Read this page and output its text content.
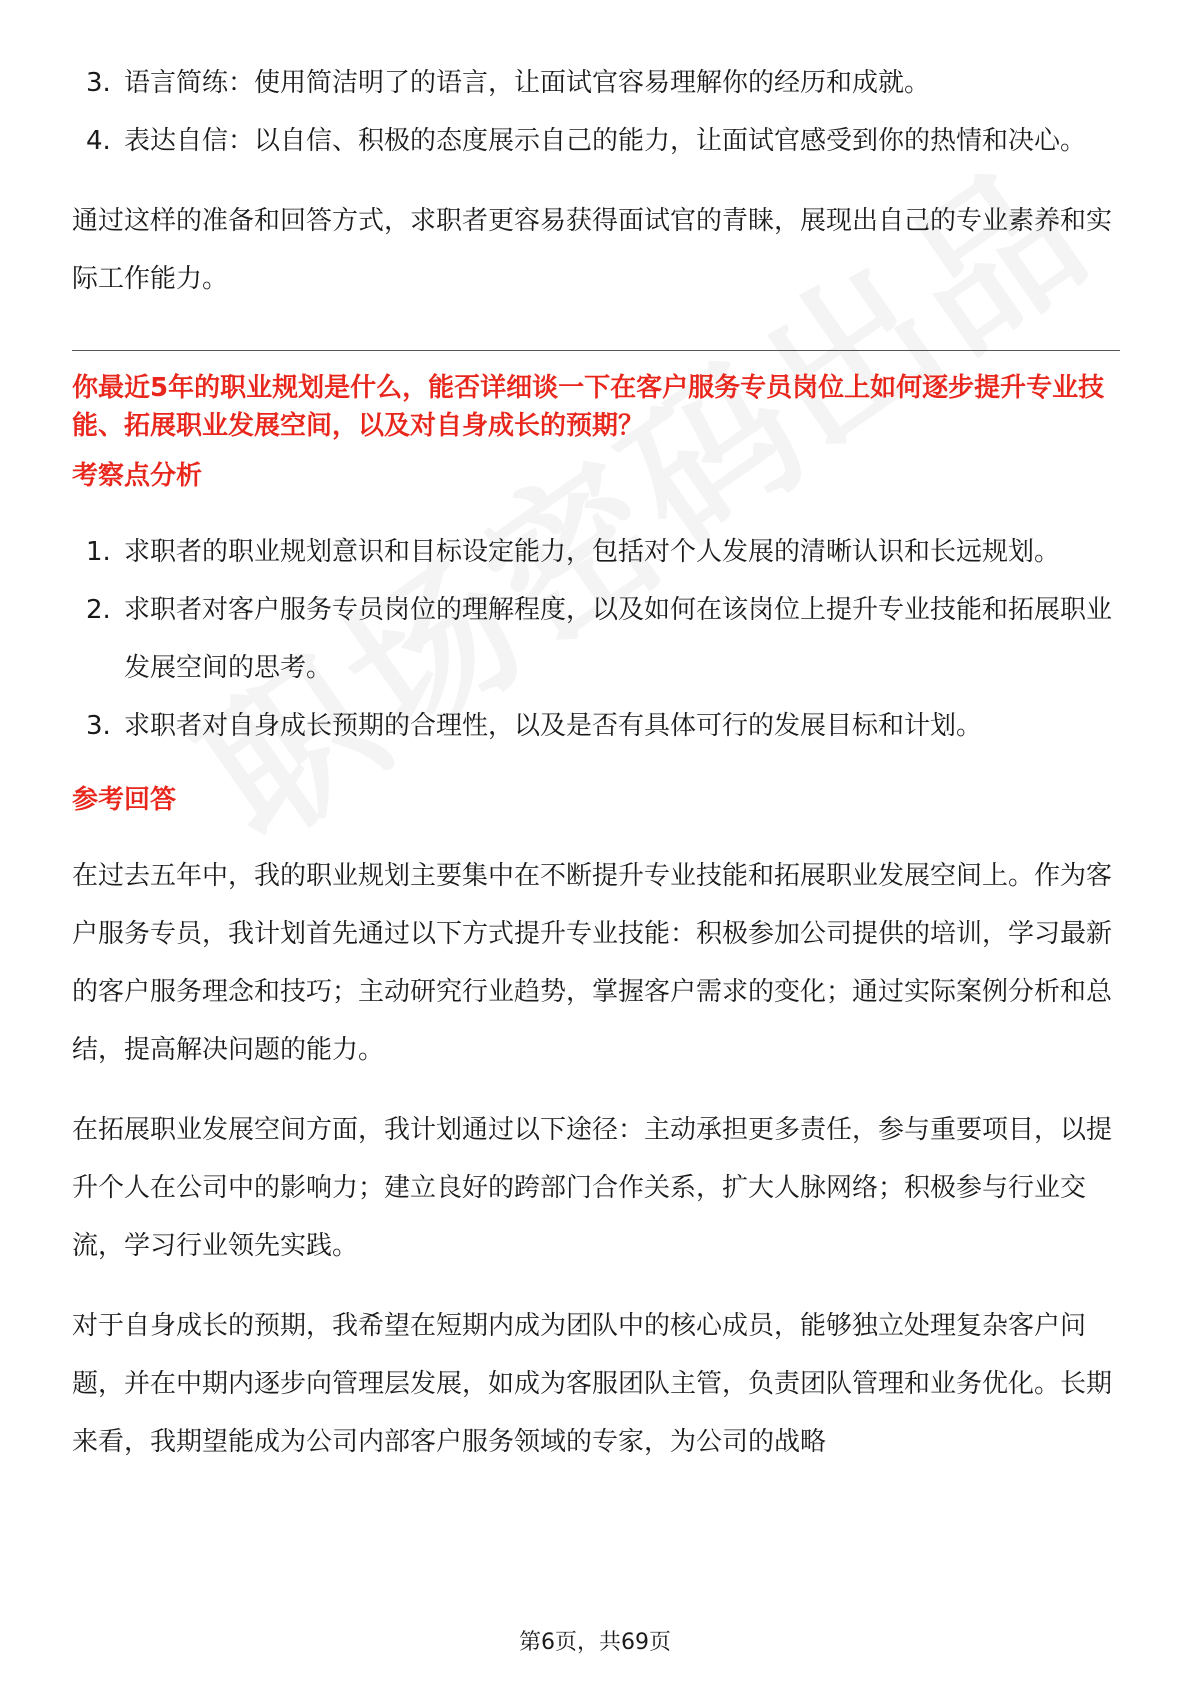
3. 语言简练：使用简洁明了的语言，让面试官容易理解你的经历和成就。
4. 表达自信：以自信、积极的态度展示自己的能力，让面试官感受到你的热情和决心。

通过这样的准备和回答方式，求职者更容易获得面试官的青睐，展现出自己的专业素养和实际工作能力。

你最近5年的职业规划是什么，能否详细谈一下在客户服务专员岗位上如何逐步提升专业技能、拓展职业发展空间，以及对自身成长的预期？

考察点分析

1. 求职者的职业规划意识和目标设定能力，包括对个人发展的清晰认识和长远规划。
2. 求职者对客户服务专员岗位的理解程度，以及如何在该岗位上提升专业技能和拓展职业发展空间的思考。
3. 求职者对自身成长预期的合理性，以及是否有具体可行的发展目标和计划。

参考回答

在过去五年中，我的职业规划主要集中在不断提升专业技能和拓展职业发展空间上。作为客户服务专员，我计划首先通过以下方式提升专业技能：积极参加公司提供的培训，学习最新的客户服务理念和技巧；主动研究行业趋势，掌握客户需求的变化；通过实际案例分析和总结，提高解决问题的能力。

在拓展职业发展空间方面，我计划通过以下途径：主动承担更多责任，参与重要项目，以提升个人在公司中的影响力；建立良好的跨部门合作关系，扩大人脉网络；积极参与行业交流，学习行业领先实践。

对于自身成长的预期，我希望在短期内成为团队中的核心成员，能够独立处理复杂客户问题，并在中期内逐步向管理层发展，如成为客服团队主管，负责团队管理和业务优化。长期来看，我期望能成为公司内部客户服务领域的专家，为公司的战略

第6页，共69页
